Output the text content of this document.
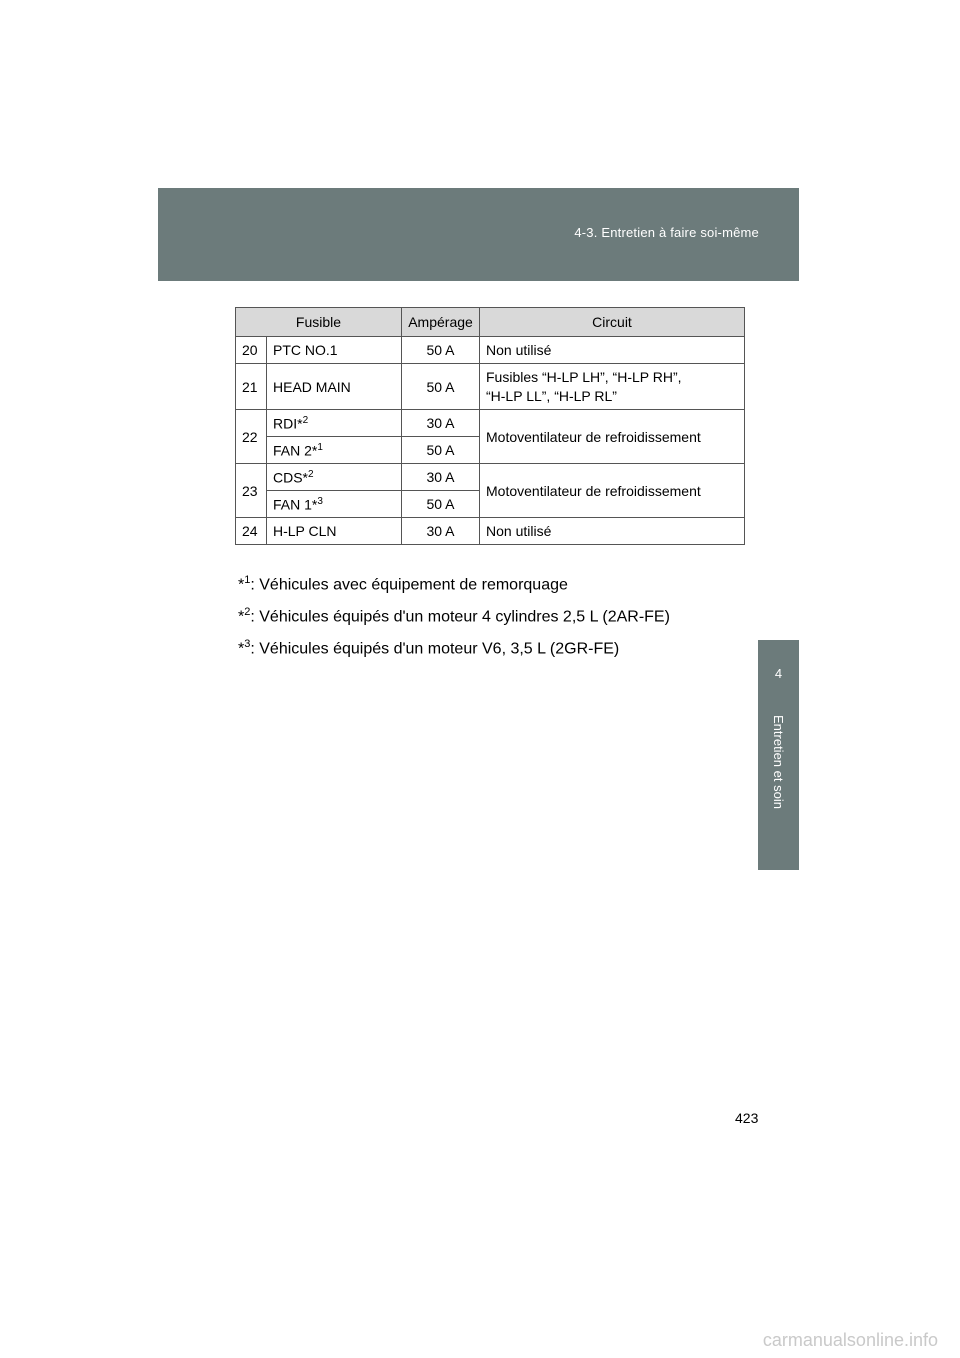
4-3. Entretien à faire soi-même
4
Entretien et soin
Fusible		Ampérage	Circuit
20	PTC NO.1	50 A	Non utilisé
21	HEAD MAIN	50 A	Fusibles “H-LP LH”, “H-LP RH”,
“H-LP LL”, “H-LP RL”
22	RDI*$^2$	30 A	Motoventilateur de refroidissement
	FAN 2*$^1$	50 A	
23	CDS*$^2$	30 A	Motoventilateur de refroidissement
	FAN 1*$^3$	50 A	
24	H-LP CLN	30 A	Non utilisé
*$^1$: Véhicules avec équipement de remorquage
*$^2$: Véhicules équipés d'un moteur 4 cylindres 2,5 L (2AR-FE)
*$^3$: Véhicules équipés d'un moteur V6, 3,5 L (2GR-FE)
423
carmanualsonline.info
